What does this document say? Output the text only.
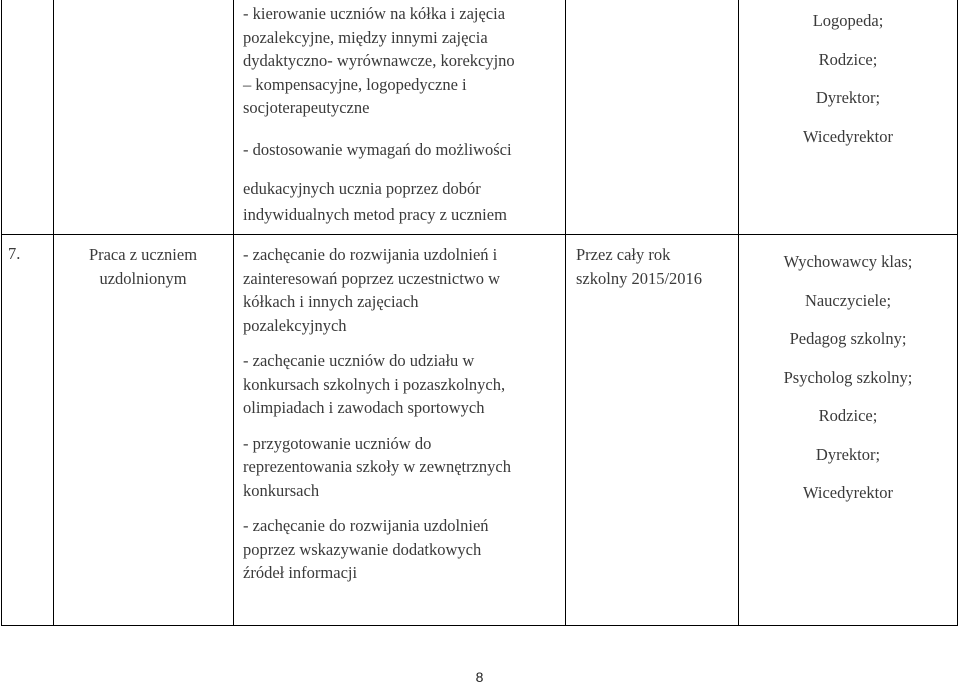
- kierowanie uczniów na kółka i zajęcia

pozalekcyjne, między innymi zajęcia

dydaktyczno- wyrównawcze, korekcyjno

– kompensacyjne, logopedyczne i

socjoterapeutyczne

- dostosowanie wymagań do możliwości

edukacyjnych ucznia poprzez dobór

indywidualnych metod pracy z uczniem

Logopeda;

Rodzice;

Dyrektor;

Wicedyrektor

7.	Praca z uczniem

uzdolnionym

- zachęcanie do rozwijania uzdolnień i

zainteresowań poprzez uczestnictwo w

kółkach i innych zajęciach

pozalekcyjnych

- zachęcanie uczniów do udziału w

konkursach szkolnych i pozaszkolnych,

olimpiadach i zawodach sportowych

- przygotowanie uczniów do

reprezentowania szkoły w zewnętrznych

konkursach

- zachęcanie do rozwijania uzdolnień

poprzez wskazywanie dodatkowych

źródeł informacji

Przez cały rok

szkolny 2015/2016

Wychowawcy klas;

Nauczyciele;

Pedagog szkolny;

Psycholog szkolny;

Rodzice;

Dyrektor;

Wicedyrektor

8
